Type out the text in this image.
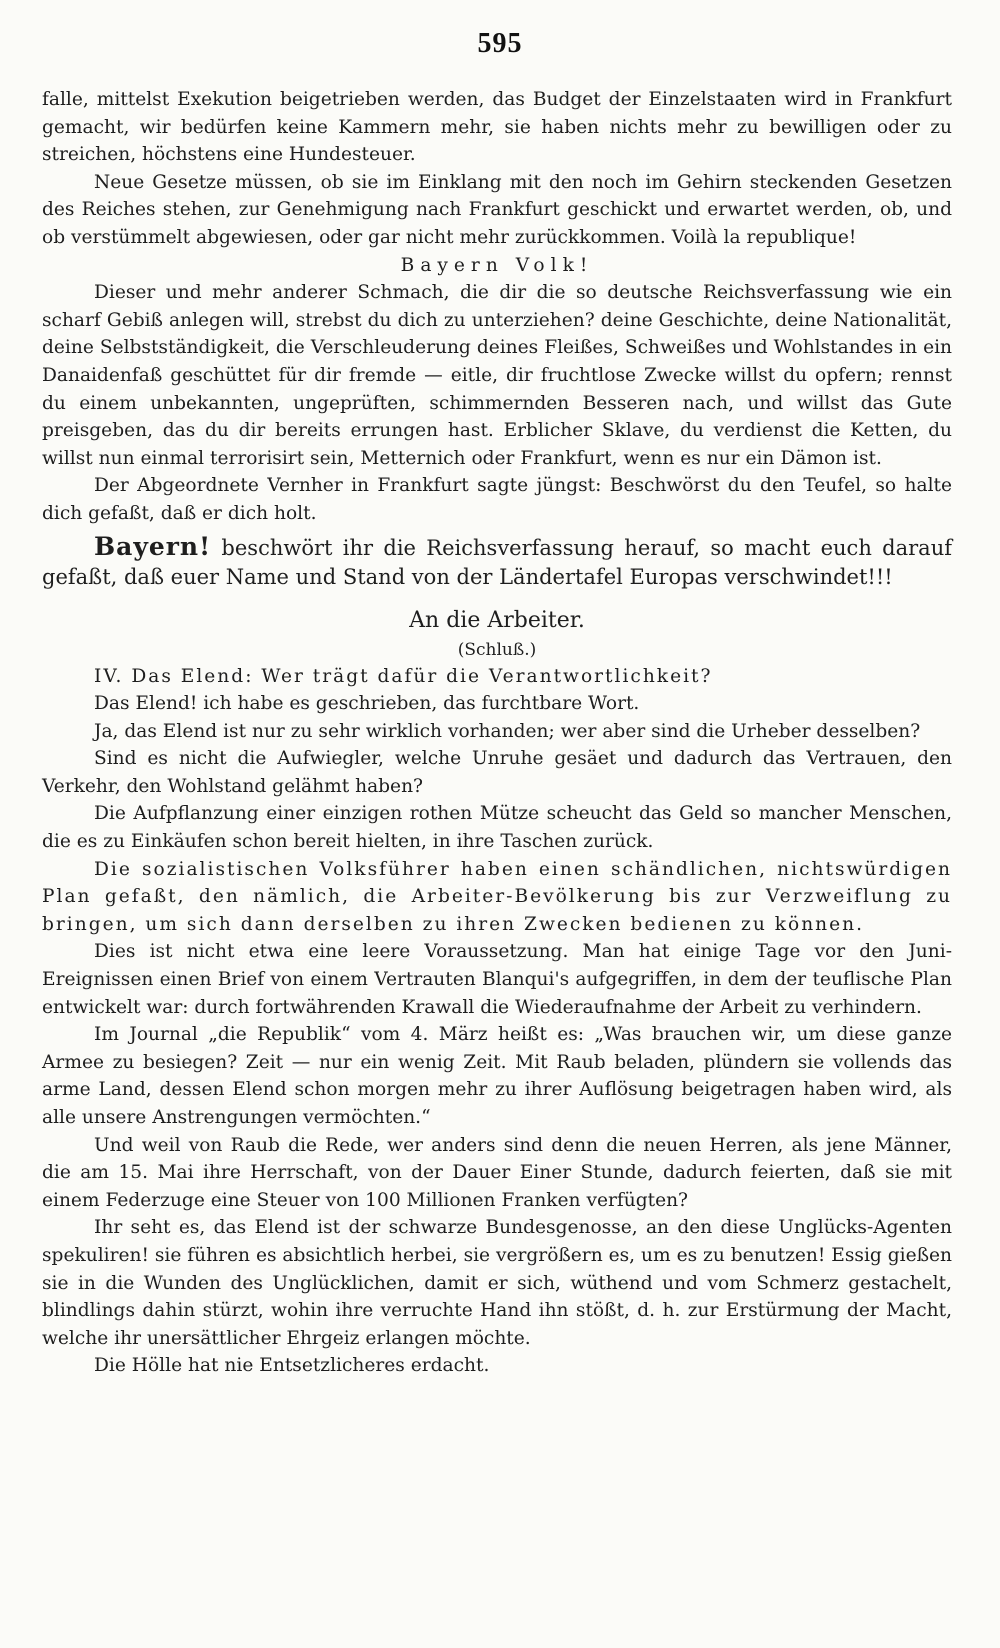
595

falle, mittelst Exekution beigetrieben werden, das Budget der Einzelstaaten wird in Frankfurt gemacht, wir bedürfen keine Kammern mehr, sie haben nichts mehr zu bewilligen oder zu streichen, höchstens eine Hundesteuer.

Neue Gesetze müssen, ob sie im Einklang mit den noch im Gehirn steckenden Gesetzen des Reiches stehen, zur Genehmigung nach Frankfurt geschickt und erwartet werden, ob, und ob verstümmelt abgewiesen, oder gar nicht mehr zurückkommen. Voilà la republique!

Bayern Volk!

Dieser und mehr anderer Schmach, die dir die so deutsche Reichsverfassung wie ein scharf Gebiß anlegen will, strebst du dich zu unterziehen? deine Geschichte, deine Nationalität, deine Selbstständigkeit, die Verschleuderung deines Fleißes, Schweißes und Wohlstandes in ein Danaidenfaß geschüttet für dir fremde — eitle, dir fruchtlose Zwecke willst du opfern; rennst du einem unbekannten, ungeprüften, schimmernden Besseren nach, und willst das Gute preisgeben, das du dir bereits errungen hast. Erblicher Sklave, du verdienst die Ketten, du willst nun einmal terrorisirt sein, Metternich oder Frankfurt, wenn es nur ein Dämon ist.

Der Abgeordnete Vernher in Frankfurt sagte jüngst: Beschwörst du den Teufel, so halte dich gefaßt, daß er dich holt.

Bayern! beschwört ihr die Reichsverfassung herauf, so macht euch darauf gefaßt, daß euer Name und Stand von der Ländertafel Europas verschwindet!!!

An die Arbeiter.

(Schluß.)

IV. Das Elend: Wer trägt dafür die Verantwortlichkeit?

Das Elend! ich habe es geschrieben, das furchtbare Wort.

Ja, das Elend ist nur zu sehr wirklich vorhanden; wer aber sind die Urheber desselben?

Sind es nicht die Aufwiegler, welche Unruhe gesäet und dadurch das Vertrauen, den Verkehr, den Wohlstand gelähmt haben?

Die Aufpflanzung einer einzigen rothen Mütze scheucht das Geld so mancher Menschen, die es zu Einkäufen schon bereit hielten, in ihre Taschen zurück.

Die sozialistischen Volksführer haben einen schändlichen, nichtswürdigen Plan gefaßt, den nämlich, die Arbeiter-Bevölkerung bis zur Verzweiflung zu bringen, um sich dann derselben zu ihren Zwecken bedienen zu können.

Dies ist nicht etwa eine leere Voraussetzung. Man hat einige Tage vor den Juni-Ereignissen einen Brief von einem Vertrauten Blanqui's aufgegriffen, in dem der teuflische Plan entwickelt war: durch fortwährenden Krawall die Wiederaufnahme der Arbeit zu verhindern.

Im Journal „die Republik“ vom 4. März heißt es: „Was brauchen wir, um diese ganze Armee zu besiegen? Zeit — nur ein wenig Zeit. Mit Raub beladen, plündern sie vollends das arme Land, dessen Elend schon morgen mehr zu ihrer Auflösung beigetragen haben wird, als alle unsere Anstrengungen vermöchten.“

Und weil von Raub die Rede, wer anders sind denn die neuen Herren, als jene Männer, die am 15. Mai ihre Herrschaft, von der Dauer Einer Stunde, dadurch feierten, daß sie mit einem Federzuge eine Steuer von 100 Millionen Franken verfügten?

Ihr seht es, das Elend ist der schwarze Bundesgenosse, an den diese Unglücks-Agenten spekuliren! sie führen es absichtlich herbei, sie vergrößern es, um es zu benutzen! Essig gießen sie in die Wunden des Unglücklichen, damit er sich, wüthend und vom Schmerz gestachelt, blindlings dahin stürzt, wohin ihre verruchte Hand ihn stößt, d. h. zur Erstürmung der Macht, welche ihr unersättlicher Ehrgeiz erlangen möchte.

Die Hölle hat nie Entsetzlicheres erdacht.
